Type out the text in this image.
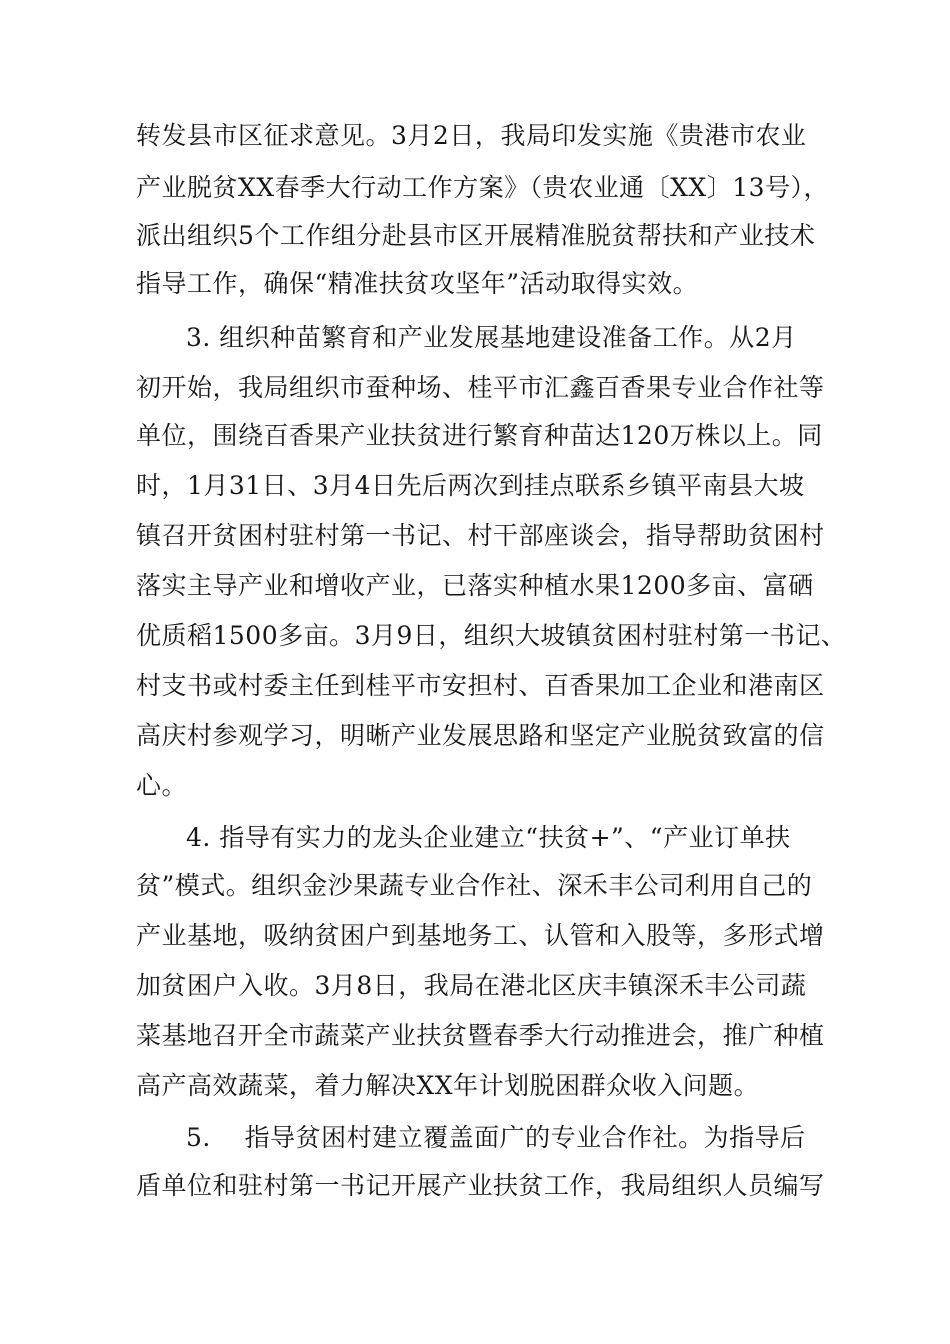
转发县市区征求意见。3月2日，我局印发实施《贵港市农业
产业脱贫XX春季大行动工作方案》（贵农业通〔XX〕13号），
派出组织5个工作组分赴县市区开展精准脱贫帮扶和产业技术
指导工作，确保“精准扶贫攻坚年”活动取得实效。
3. 组织种苗繁育和产业发展基地建设准备工作。从2月
初开始，我局组织市蚕种场、桂平市汇鑫百香果专业合作社等
单位，围绕百香果产业扶贫进行繁育种苗达120万株以上。同
时，1月31日、3月4日先后两次到挂点联系乡镇平南县大坡
镇召开贫困村驻村第一书记、村干部座谈会，指导帮助贫困村
落实主导产业和增收产业，已落实种植水果1200多亩、富硒
优质稻1500多亩。3月9日，组织大坡镇贫困村驻村第一书记、
村支书或村委主任到桂平市安担村、百香果加工企业和港南区
高庆村参观学习，明晰产业发展思路和坚定产业脱贫致富的信
心。
4. 指导有实力的龙头企业建立“扶贫+”、“产业订单扶
贫”模式。组织金沙果蔬专业合作社、深禾丰公司利用自己的
产业基地，吸纳贫困户到基地务工、认管和入股等，多形式增
加贫困户入收。3月8日，我局在港北区庆丰镇深禾丰公司蔬
菜基地召开全市蔬菜产业扶贫暨春季大行动推进会，推广种植
高产高效蔬菜，着力解决XX年计划脱困群众收入问题。
5.    指导贫困村建立覆盖面广的专业合作社。为指导后
盾单位和驻村第一书记开展产业扶贫工作，我局组织人员编写
